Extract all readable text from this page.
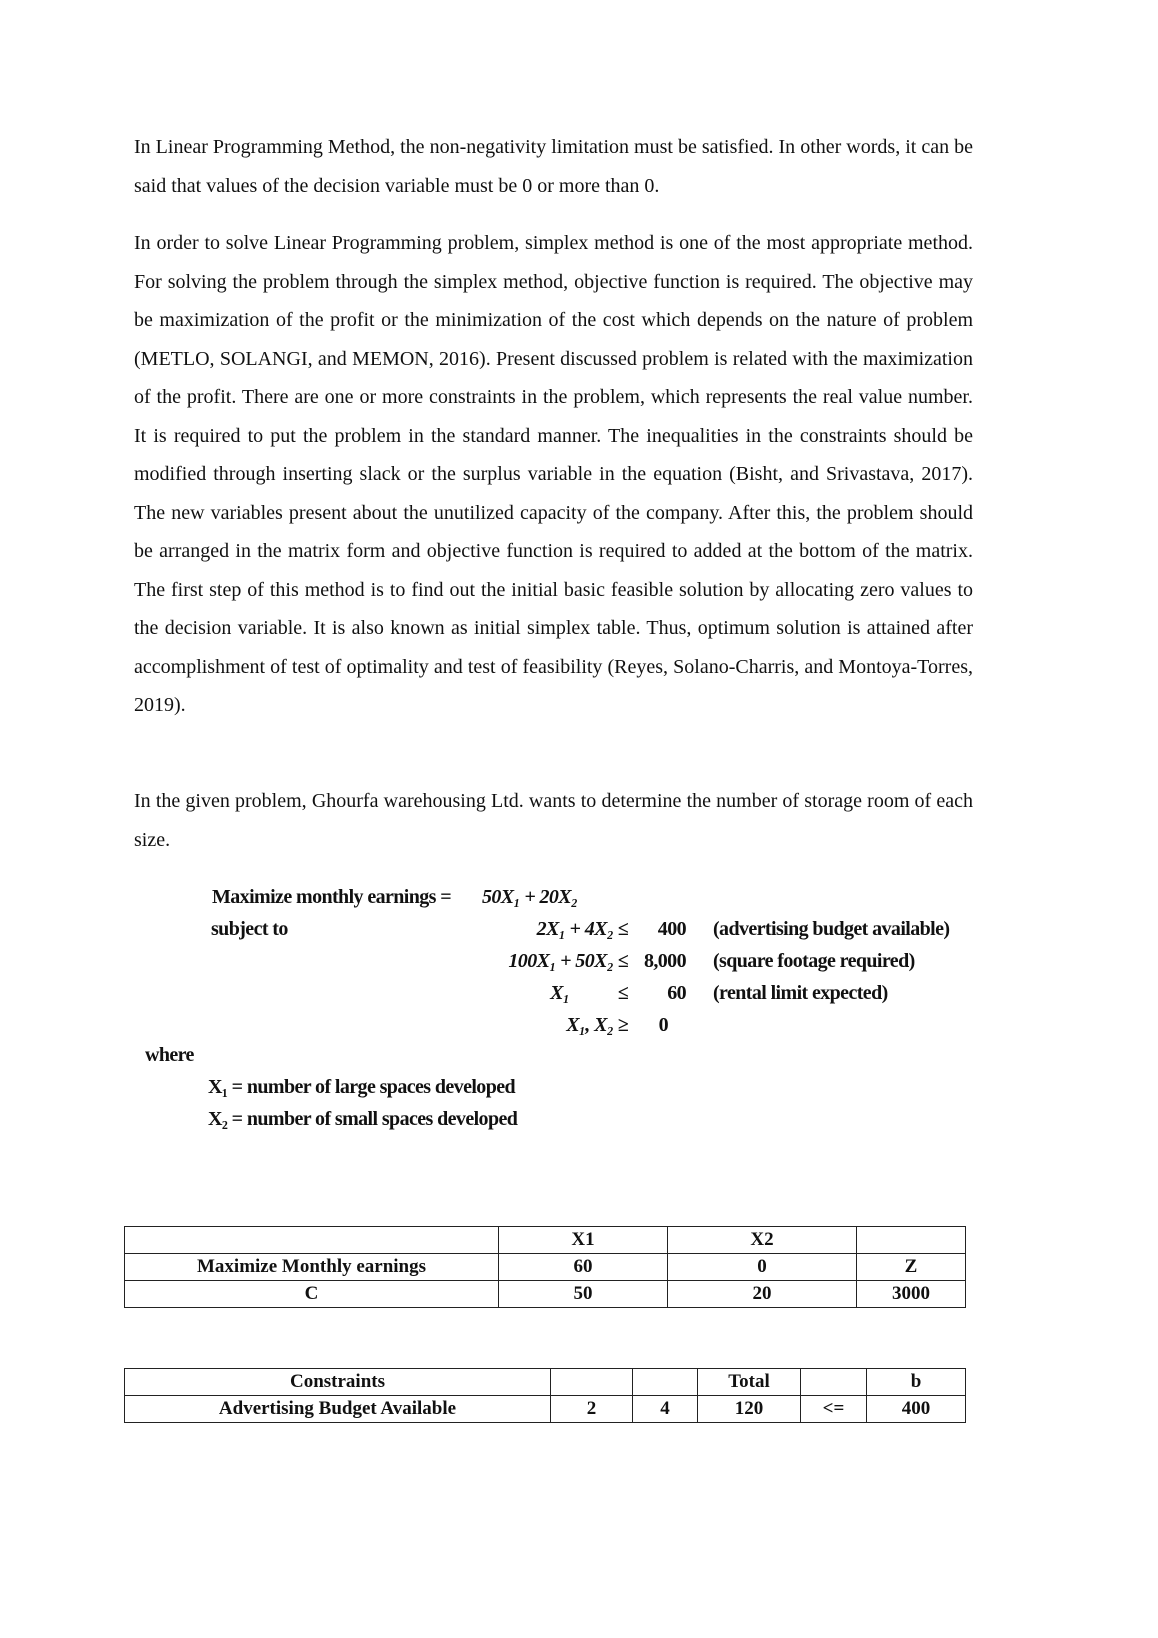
In Linear Programming Method, the non-negativity limitation must be satisfied. In other words, it can be said that values of the decision variable must be 0 or more than 0.

In order to solve Linear Programming problem, simplex method is one of the most appropriate method. For solving the problem through the simplex method, objective function is required. The objective may be maximization of the profit or the minimization of the cost which depends on the nature of problem (METLO, SOLANGI, and MEMON, 2016). Present discussed problem is related with the maximization of the profit. There are one or more constraints in the problem, which represents the real value number. It is required to put the problem in the standard manner. The inequalities in the constraints should be modified through inserting slack or the surplus variable in the equation (Bisht, and Srivastava, 2017). The new variables present about the unutilized capacity of the company. After this, the problem should be arranged in the matrix form and objective function is required to added at the bottom of the matrix. The first step of this method is to find out the initial basic feasible solution by allocating zero values to the decision variable. It is also known as initial simplex table. Thus, optimum solution is attained after accomplishment of test of optimality and test of feasibility (Reyes, Solano-Charris, and Montoya-Torres, 2019).

In the given problem, Ghourfa warehousing Ltd. wants to determine the number of storage room of each size.

Maximize monthly earnings = 50X₁ + 20X₂
subject to	2X₁ + 4X₂ ≤ 400 (advertising budget available)
100X₁ + 50X₂ ≤ 8,000 (square footage required)
X₁           ≤ 60 (rental limit expected)
X₁, X₂ ≥ 0
where
X₁ = number of large spaces developed
X₂ = number of small spaces developed
	X1	X2	
Maximize Monthly earnings	60	0	Z
C	50	20	3000
Constraints			Total		b
Advertising Budget Available	2	4	120	<=	400
